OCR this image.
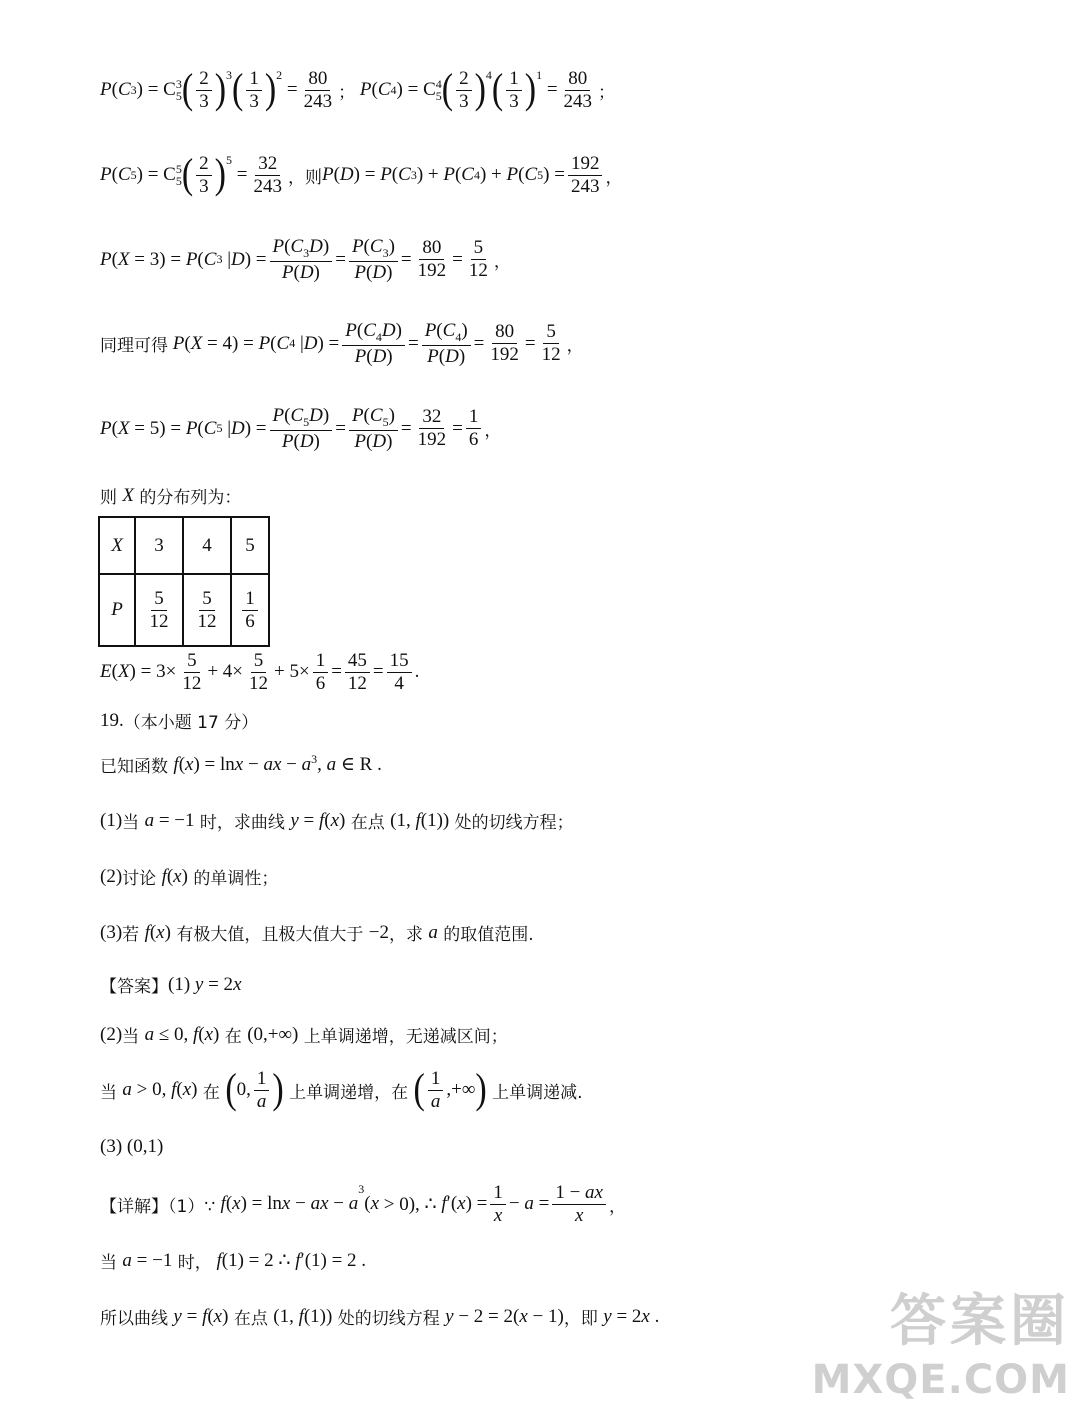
P ( C 3 ) = C 3
5 ( $\frac{2}{3} )^3$ ( $\frac{1}{3} )^2$
= $\frac{80}{243}$ ；
P ( C 4 ) = C 4
5 ( $\frac{2}{3} )^4$ ( $\frac{1}{3} )^1$
= $\frac{80}{243}$ ；
P ( C 5 ) = C 5
5 ( $\frac{2}{3} )^5$
= $\frac{32}{243}$ ，则 P ( D ) = P ( C 3 ) + P ( C 4 ) + P ( C 5 ) = $\frac{192}{243}$ ，
P ( X = 3) = P ( C 3 | D ) = $\frac{P(C_3D)}{P(D)} = \frac{P(C_3)}{P(D)} = \frac{80}{192} = \frac{5}{12}$ ，
同理可得
P ( X = 4) = P ( C 4 | D ) = $\frac{P(C_4D)}{P(D)} = \frac{P(C_4)}{P(D)} = \frac{80}{192} = \frac{5}{12}$ ，
P ( X = 5) = P ( C 5 | D ) = $\frac{P(C_5D)}{P(D)} = \frac{P(C_5)}{P(D)} = \frac{32}{192} = \frac{1}{6}$ ，
则 X 的分布列为：
X	3	4	5
P	$\frac{5}{12}$	$\frac{5}{12}$	$\frac{1}{6}$
E ( X ) = $3\times \frac{5}{12} + 4\times \frac{5}{12} + 5\times \frac{1}{6} = \frac{45}{12} = \frac{15}{4}$ .
19. （本小题 17 分）
已知函数 f ( x ) = ln x − ax − $a^3$ , a ∈ R .
(1) 当 a = −1 时，求曲线 y = f ( x ) 在点 (1, f (1)) 处的切线方程；
(2) 讨论 f ( x ) 的单调性；
(3) 若 f ( x ) 有极大值，且极大值大于 −2 ，求 a 的取值范围.
【答案】 (1) y = 2 x
(2) 当 a ≤ 0, f ( x ) 在 (0,+∞) 上单调递增，无递减区间；
当 a > 0, f ( x ) 在 ( 0, $\frac{1}{a}$ ) 上单调递增，在 ( $\frac{1}{a}$ ,+∞ ) 上单调递减.
(3) (0,1)
【详解】（1）∵ f ( x ) = ln x − ax − a
$^3$
( x > 0), ∴ f ′( x ) = $\frac{1}{x} - a = \frac{1 - ax}{x}$ ，
当 a = −1 时，
f (1) = 2 ∴ f ′(1) = 2 .
所以曲线 y = f ( x ) 在点 (1, f (1)) 处的切线方程 y − 2 = 2( x − 1) ，即 y = 2 x .	答案圈
MXQE.COM
